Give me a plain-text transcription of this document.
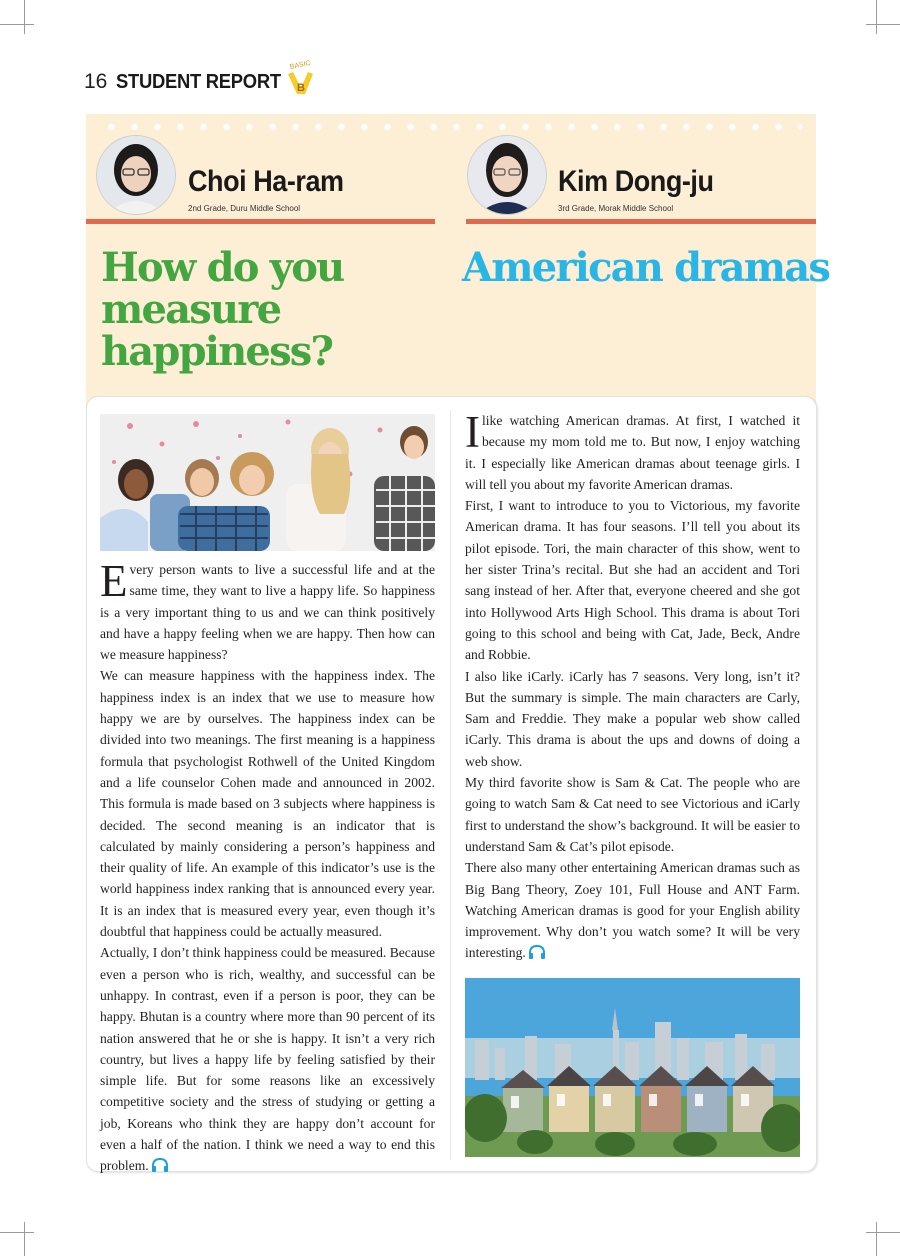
16 STUDENT REPORT
BASIC
B
Choi Ha-ram
2nd Grade, Duru Middle School
Kim Dong-ju
3rd Grade, Morak Middle School
How do you measure happiness?
American dramas

Every person wants to live a successful life and at the same time, they want to live a happy life. So happiness is a very important thing to us and we can think positively and have a happy feeling when we are happy. Then how can we measure happiness?

We can measure happiness with the happiness index. The happiness index is an index that we use to measure how happy we are by ourselves. The happiness index can be divided into two meanings. The first meaning is a happiness formula that psychologist Rothwell of the United Kingdom and a life counselor Cohen made and announced in 2002. This formula is made based on 3 subjects where happiness is decided. The second meaning is an indicator that is calculated by mainly considering a person’s happiness and their quality of life. An example of this indicator’s use is the world happiness index ranking that is announced every year. It is an index that is measured every year, even though it’s doubtful that happiness could be actually measured.

Actually, I don’t think happiness could be measured. Because even a person who is rich, wealthy, and successful can be unhappy. In contrast, even if a person is poor, they can be happy. Bhutan is a country where more than 90 percent of its nation answered that he or she is happy. It isn’t a very rich country, but lives a happy life by feeling satisfied by their simple life. But for some reasons like an excessively competitive society and the stress of studying or getting a job, Koreans who think they are happy don’t account for even a half of the nation. I think we need a way to end this problem.

Ilike watching American dramas. At first, I watched it because my mom told me to. But now, I enjoy watching it. I especially like American dramas about teenage girls. I will tell you about my favorite American dramas.

First, I want to introduce to you to Victorious, my favorite American drama. It has four seasons. I’ll tell you about its pilot episode. Tori, the main character of this show, went to her sister Trina’s recital. But she had an accident and Tori sang instead of her. After that, everyone cheered and she got into Hollywood Arts High School. This drama is about Tori going to this school and being with Cat, Jade, Beck, Andre and Robbie.

I also like iCarly. iCarly has 7 seasons. Very long, isn’t it? But the summary is simple. The main characters are Carly, Sam and Freddie. They make a popular web show called iCarly. This drama is about the ups and downs of doing a web show.

My third favorite show is Sam & Cat. The people who are going to watch Sam & Cat need to see Victorious and iCarly first to understand the show’s background. It will be easier to understand Sam & Cat’s pilot episode.

There also many other entertaining American dramas such as Big Bang Theory, Zoey 101, Full House and ANT Farm. Watching American dramas is good for your English ability improvement. Why don’t you watch some? It will be very interesting.
